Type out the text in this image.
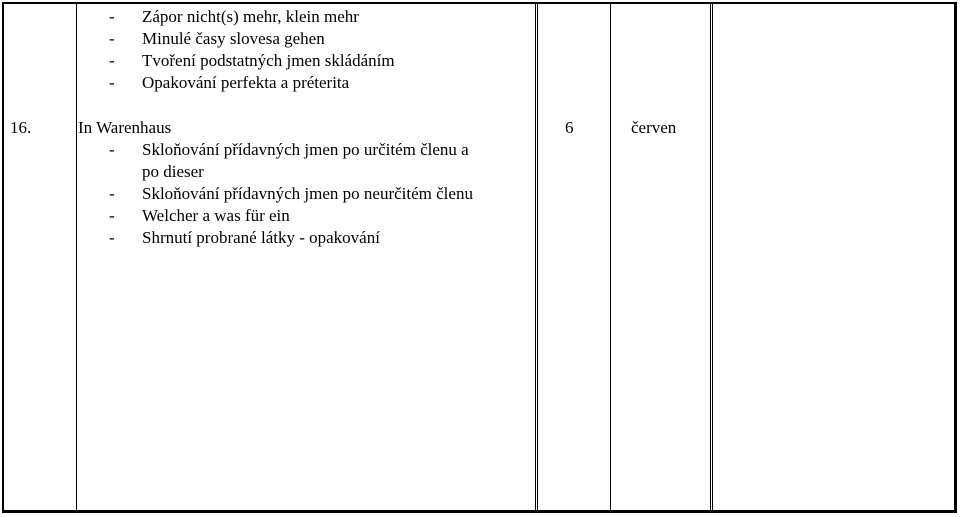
- Zápor nicht(s) mehr, klein mehr
- Minulé časy slovesa gehen
- Tvoření podstatných jmen skládáním
- Opakování perfekta a préterita
16.	In Warenhaus
- Skloňování přídavných jmen po určitém členu a
po dieser
- Skloňování přídavných jmen po neurčitém členu
- Welcher a was für ein
- Shrnutí probrané látky - opakování
6	červen
